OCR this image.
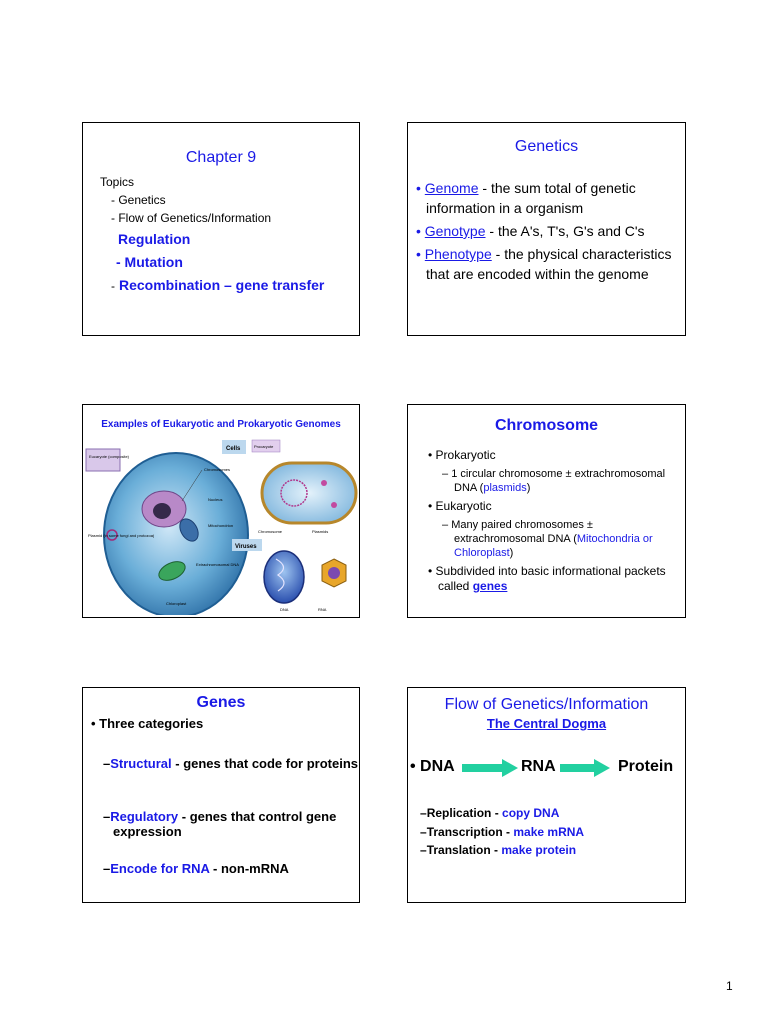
Chapter 9
Topics
- Genetics
- Flow of Genetics/Information
Regulation
- Mutation
- Recombination – gene transfer
Genetics
• Genome - the sum total of genetic information in a organism
• Genotype - the A's, T's, G's and C's
• Phenotype - the physical characteristics that are encoded within the genome
Examples of Eukaryotic and Prokaryotic Genomes
Eucaryote (composite)
Chromosomes
Nucleus
Mitochondrion
Plasmid (in some fungi and protozoa)
Extrachromosomal DNA
Chloroplast
Cells	Procaryote
Chromosome	Plasmids
Viruses
DNA	RNA
Chromosome
• Prokaryotic
– 1 circular chromosome ± extrachromosomal DNA (plasmids)
• Eukaryotic
– Many paired chromosomes ± extrachromosomal DNA (Mitochondria or Chloroplast)
• Subdivided into basic informational packets called genes
Genes
• Three categories
–Structural - genes that code for proteins
–Regulatory - genes that control gene expression
–Encode for RNA - non-mRNA
Flow of Genetics/Information
The Central Dogma
• DNA	RNA	Protein
–Replication - copy DNA
–Transcription - make mRNA
–Translation - make protein
1
